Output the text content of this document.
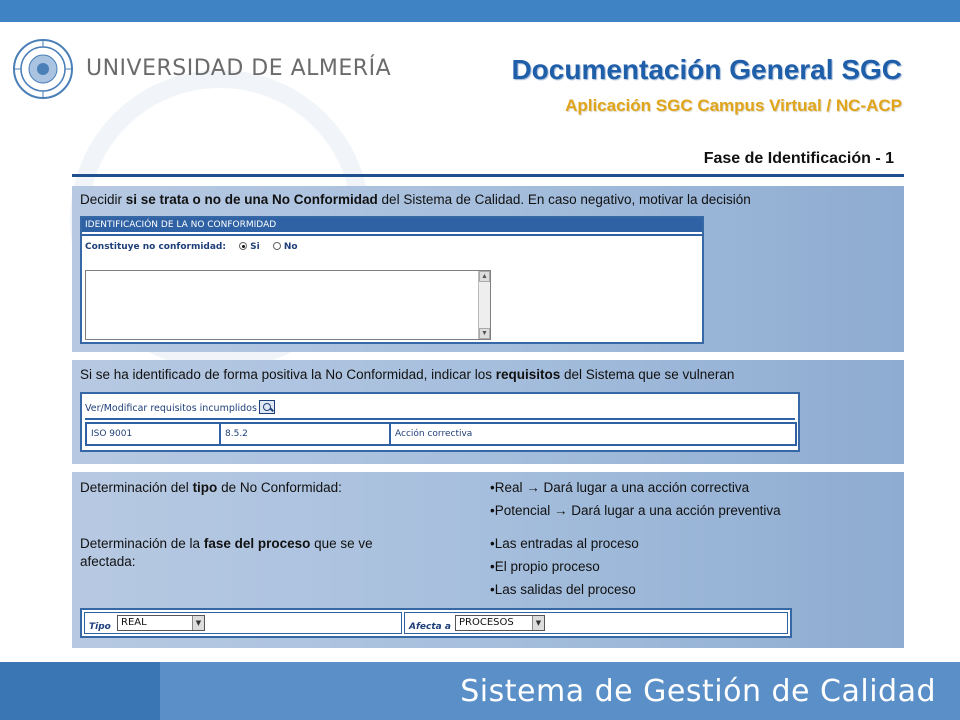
UNIVERSIDAD DE ALMERÍA	Documentación General SGC
Aplicación SGC Campus Virtual / NC-ACP
Fase de Identificación - 1
Decidir si se trata o no de una No Conformidad del Sistema de Calidad. En caso negativo, motivar la decisión
IDENTIFICACIÓN DE LA NO CONFORMIDAD
Constituye no conformidad:	Si	No
▲
▼
Si se ha identificado de forma positiva la No Conformidad, indicar los requisitos del Sistema que se vulneran
Ver/Modificar requisitos incumplidos
ISO 9001	8.5.2	Acción correctiva
Determinación del tipo de No Conformidad:	•Real → Dará lugar a una acción correctiva
•Potencial → Dará lugar a una acción preventiva
Determinación de la fase del proceso que se ve
afectada:
•Las entradas al proceso
•El propio proceso
•Las salidas del proceso
Tipo	REAL	▼	Afecta a PROCESOS	▼
Sistema de Gestión de Calidad
